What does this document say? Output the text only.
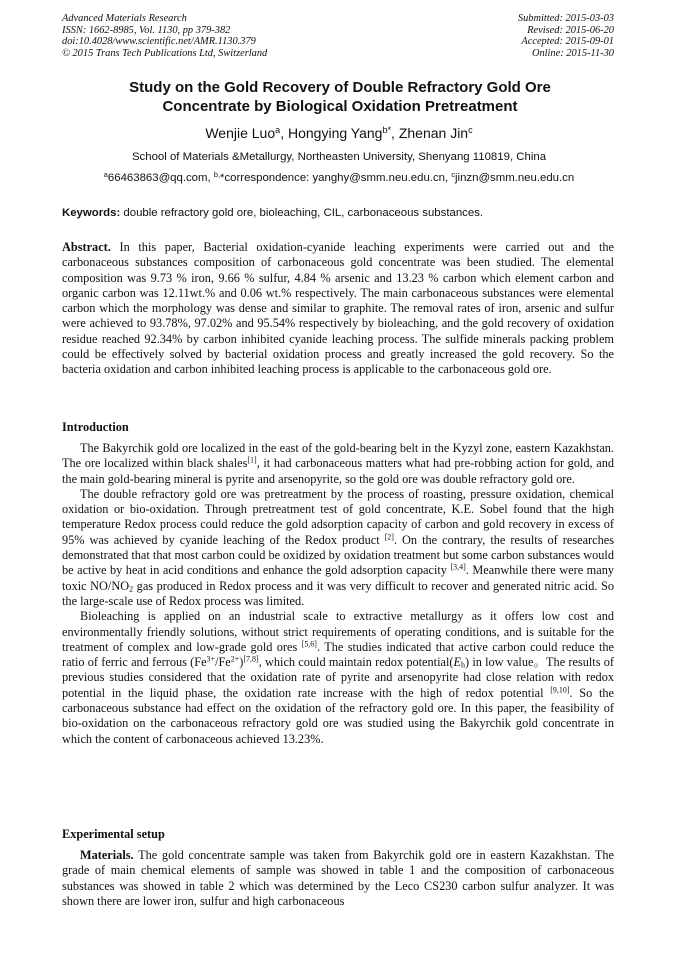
Advanced Materials Research
ISSN: 1662-8985, Vol. 1130, pp 379-382
doi:10.4028/www.scientific.net/AMR.1130.379
© 2015 Trans Tech Publications Ltd, Switzerland
Submitted: 2015-03-03
Revised: 2015-06-20
Accepted: 2015-09-01
Online: 2015-11-30
Study on the Gold Recovery of Double Refractory Gold Ore
Concentrate by Biological Oxidation Pretreatment
Wenjie Luo$^a$, Hongying Yang$^{b*}$, Zhenan Jin$^c$
School of Materials &Metallurgy, Northeasten University, Shenyang 110819, China
$^a$66463863@qq.com, $^{b,}$*correspondence: yanghy@smm.neu.edu.cn, $^c$jinzn@smm.neu.edu.cn
Keywords: double refractory gold ore, bioleaching, CIL, carbonaceous substances.

Abstract. In this paper, Bacterial oxidation-cyanide leaching experiments were carried out and the carbonaceous substances composition of carbonaceous gold concentrate was been studied. The elemental composition was 9.73 % iron, 9.66 % sulfur, 4.84 % arsenic and 13.23 % carbon which element carbon and organic carbon was 12.11wt.% and 0.06 wt.% respectively. The main carbonaceous substances were elemental carbon which the morphology was dense and similar to graphite. The removal rates of iron, arsenic and sulfur were achieved to 93.78%, 97.02% and 95.54% respectively by bioleaching, and the gold recovery of oxidation residue reached 92.34% by carbon inhibited cyanide leaching process. The sulfide minerals packing problem could be effectively solved by bacterial oxidation process and greatly increased the gold recovery. So the bacteria oxidation and carbon inhibited leaching process is applicable to the carbonaceous gold ore.

Introduction

The Bakyrchik gold ore localized in the east of the gold-bearing belt in the Kyzyl zone, eastern Kazakhstan. The ore localized within black shales[1], it had carbonaceous matters what had pre-robbing action for gold, and the main gold-bearing mineral is pyrite and arsenopyrite, so the gold ore was double refractory gold ore.

The double refractory gold ore was pretreatment by the process of roasting, pressure oxidation, chemical oxidation or bio-oxidation. Through pretreatment test of gold concentrate, K.E. Sobel found that the high temperature Redox process could reduce the gold adsorption capacity of carbon and gold recovery in excess of 95% was achieved by cyanide leaching of the Redox product [2]. On the contrary, the results of researches demonstrated that that most carbon could be oxidized by oxidation treatment but some carbon substances would be active by heat in acid conditions and enhance the gold adsorption capacity [3,4]. Meanwhile there were many toxic $NO/NO_2$ gas produced in Redox process and it was very difficult to recover and generated nitric acid. So the large-scale use of Redox process was limited.

Bioleaching is applied on an industrial scale to extractive metallurgy as it offers low cost and environmentally friendly solutions, without strict requirements of operating conditions, and is suitable for the treatment of complex and low-grade gold ores [5,6]. The studies indicated that active carbon could reduce the ratio of ferric and ferrous $(Fe^{3+}/Fe^{2+})[7,8]$, which could maintain redox $potential(E_h)$ in low value。The results of previous studies considered that the oxidation rate of pyrite and arsenopyrite had close relation with redox potential in the liquid phase, the oxidation rate increase with the high of redox potential [9,10]. So the carbonaceous substance had effect on the oxidation of the refractory gold ore. In this paper, the feasibility of bio-oxidation on the carbonaceous refractory gold ore was studied using the Bakyrchik gold concentrate in which the content of carbonaceous achieved 13.23%.

Experimental setup

Materials. The gold concentrate sample was taken from Bakyrchik gold ore in eastern Kazakhstan. The grade of main chemical elements of sample was showed in table 1 and the composition of carbonaceous substances was showed in table 2 which was determined by the Leco CS230 carbon sulfur analyzer. It was shown there are lower iron, sulfur and high carbonaceous
